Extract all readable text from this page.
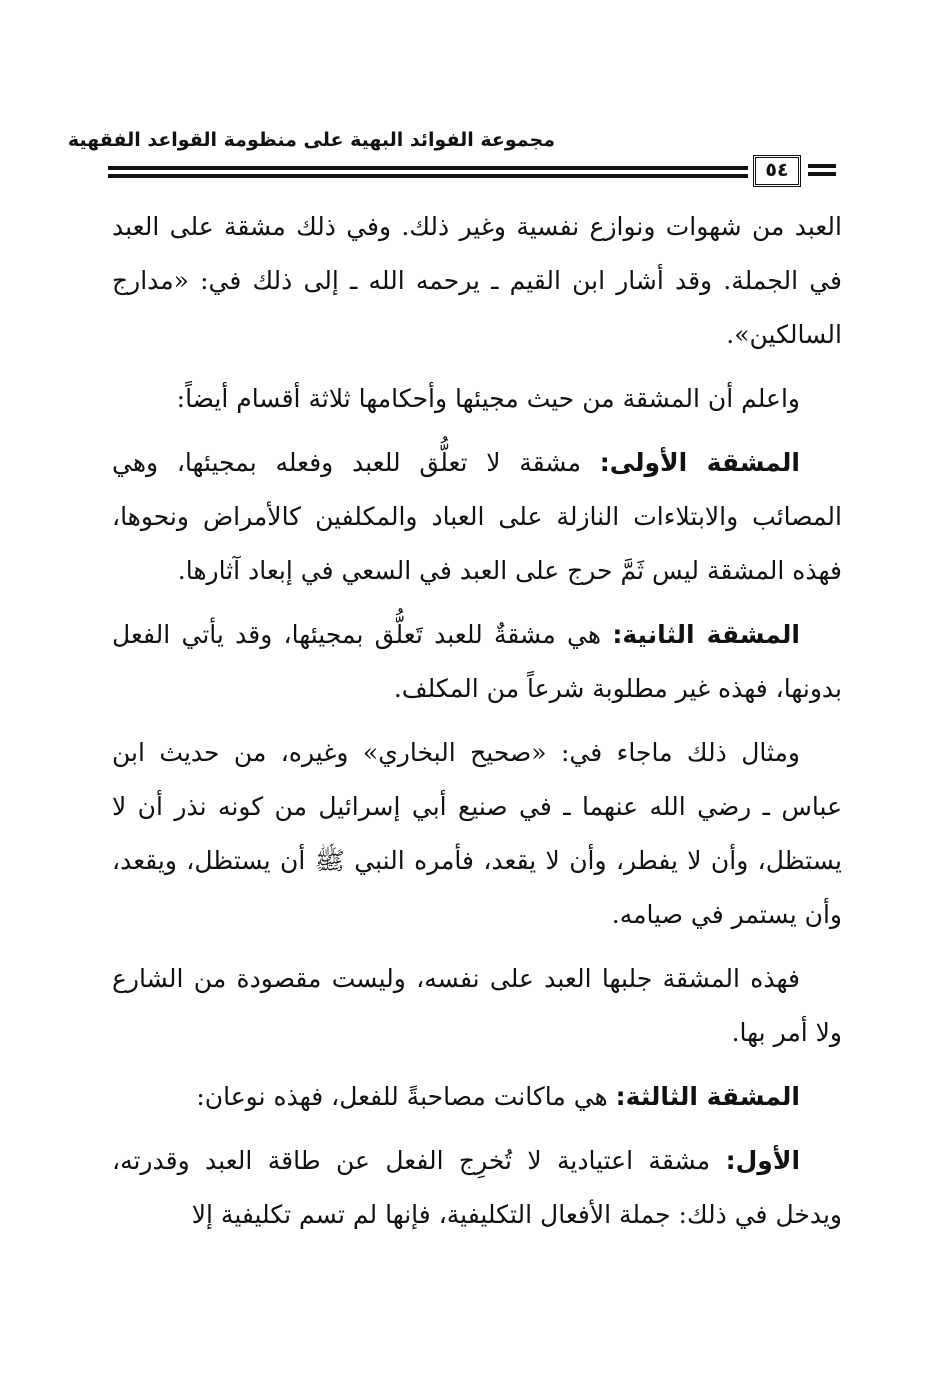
مجموعة الفوائد البهية على منظومة القواعد الفقهية
٥٤

العبد من شهوات ونوازع نفسية وغير ذلك. وفي ذلك مشقة على العبد في الجملة. وقد أشار ابن القيم ـ يرحمه الله ـ إلى ذلك في: «مدارج السالكين».

واعلم أن المشقة من حيث مجيئها وأحكامها ثلاثة أقسام أيضاً:

المشقة الأولى: مشقة لا تعلُّق للعبد وفعله بمجيئها، وهي المصائب والابتلاءات النازلة على العباد والمكلفين كالأمراض ونحوها، فهذه المشقة ليس ثَمَّ حرج على العبد في السعي في إبعاد آثارها.

المشقة الثانية: هي مشقةٌ للعبد تَعلُّق بمجيئها، وقد يأتي الفعل بدونها، فهذه غير مطلوبة شرعاً من المكلف.

ومثال ذلك ماجاء في: «صحيح البخاري» وغيره، من حديث ابن عباس ـ رضي الله عنهما ـ في صنيع أبي إسرائيل من كونه نذر أن لا يستظل، وأن لا يفطر، وأن لا يقعد، فأمره النبي ﷺ أن يستظل، ويقعد، وأن يستمر في صيامه.

فهذه المشقة جلبها العبد على نفسه، وليست مقصودة من الشارع ولا أمر بها.

المشقة الثالثة: هي ماكانت مصاحبةً للفعل، فهذه نوعان:

الأول: مشقة اعتيادية لا تُخرِج الفعل عن طاقة العبد وقدرته، ويدخل في ذلك: جملة الأفعال التكليفية، فإنها لم تسم تكليفية إلا
